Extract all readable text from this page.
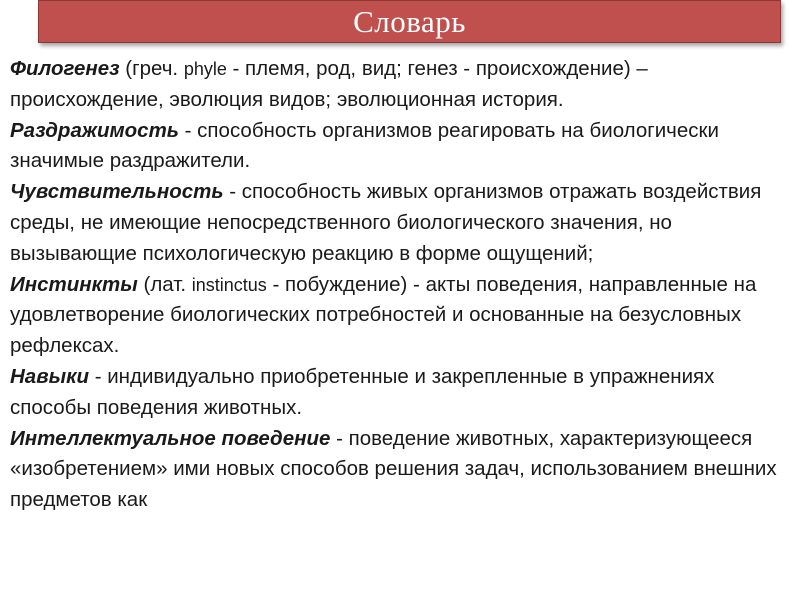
Словарь

Филогенез (греч. phyle - племя, род, вид; генез - происхождение) – происхождение, эволюция видов; эволюционная история.

Раздражимость - способность организмов реагировать на биологически значимые раздражители.

Чувствительность - способность живых организмов отражать воздействия среды, не имеющие непосредственного биологического значения, но вызывающие психологическую реакцию в форме ощущений;

Инстинкты (лат. instinctus - побуждение) - акты поведения, направленные на удовлетворение биологических потребностей и основанные на безусловных рефлексах.

Навыки - индивидуально приобретенные и закрепленные в упражнениях способы поведения животных.

Интеллектуальное поведение - поведение животных, характеризующееся «изобретением» ими новых способов решения задач, использованием внешних предметов как
